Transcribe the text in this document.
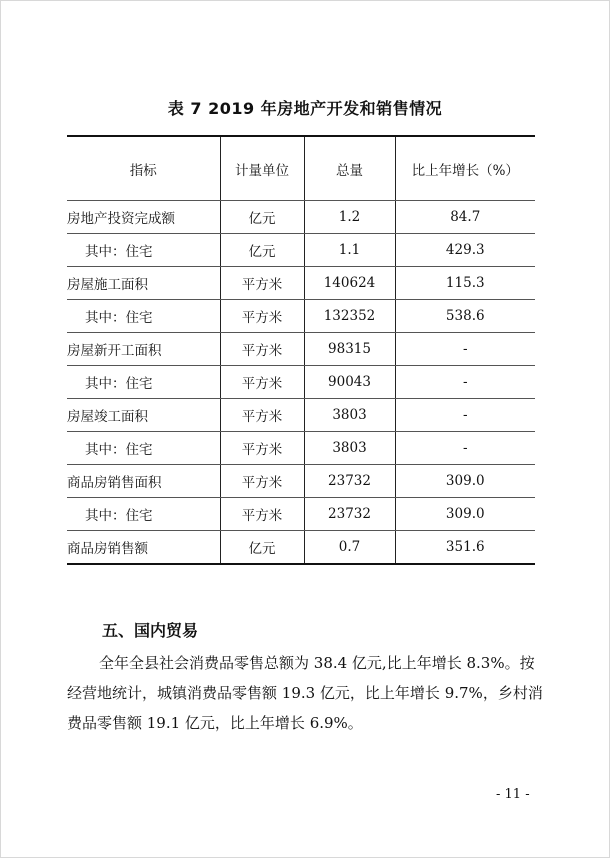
表 7 2019 年房地产开发和销售情况
指标	计量单位	总量	比上年增长（%）
房地产投资完成额	亿元	1.2	84.7
其中：住宅	亿元	1.1	429.3
房屋施工面积	平方米	140624	115.3
其中：住宅	平方米	132352	538.6
房屋新开工面积	平方米	98315	-
其中：住宅	平方米	90043	-
房屋竣工面积	平方米	3803	-
其中：住宅	平方米	3803	-
商品房销售面积	平方米	23732	309.0
其中：住宅	平方米	23732	309.0
商品房销售额	亿元	0.7	351.6
五、国内贸易

全年全县社会消费品零售总额为 38.4 亿元,比上年增长 8.3%。按经营地统计，城镇消费品零售额 19.3 亿元，比上年增长 9.7%，乡村消费品零售额 19.1 亿元，比上年增长 6.9%。

- 11 -
